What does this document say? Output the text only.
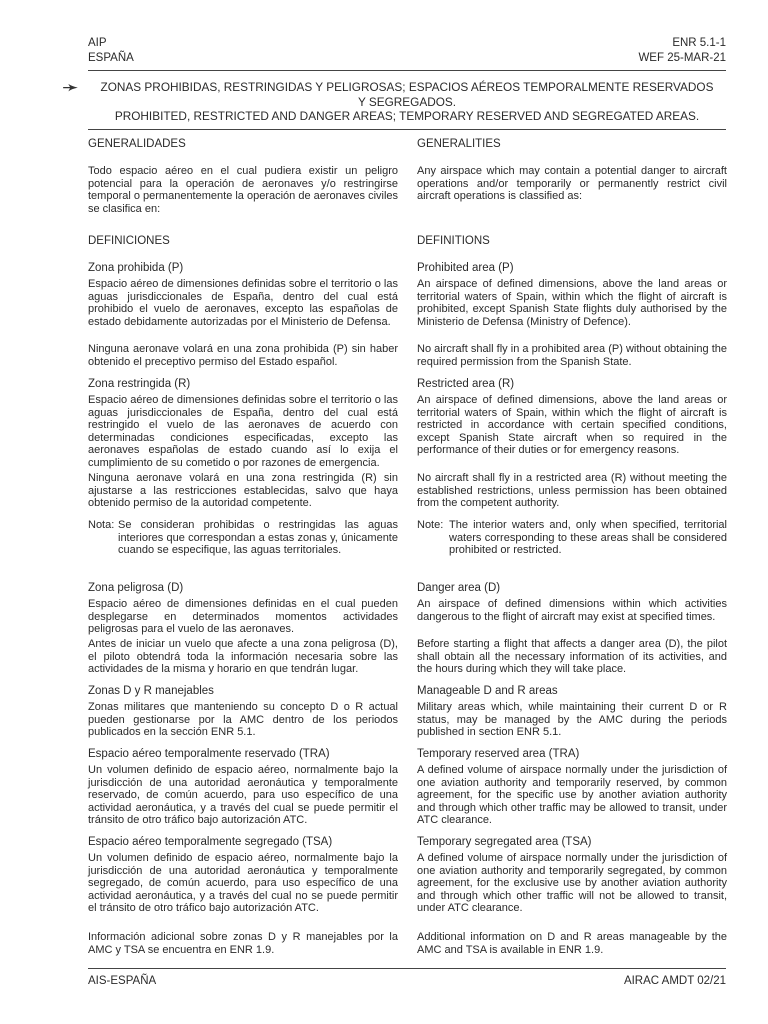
AIP
ESPAÑA
ENR 5.1-1
WEF 25-MAR-21
➛	ZONAS PROHIBIDAS, RESTRINGIDAS Y PELIGROSAS; ESPACIOS AÉREOS TEMPORALMENTE RESERVADOS
Y SEGREGADOS.
PROHIBITED, RESTRICTED AND DANGER AREAS; TEMPORARY RESERVED AND SEGREGATED AREAS.
GENERALIDADES

Todo espacio aéreo en el cual pudiera existir un peligro potencial para la operación de aeronaves y/o restringirse temporal o permanentemente la operación de aeronaves civiles se clasifica en:

DEFINICIONES
Zona prohibida (P)

Espacio aéreo de dimensiones definidas sobre el territorio o las aguas jurisdiccionales de España, dentro del cual está prohibido el vuelo de aeronaves, excepto las españolas de estado debidamente autorizadas por el Ministerio de Defensa.

Ninguna aeronave volará en una zona prohibida (P) sin haber obtenido el preceptivo permiso del Estado español.

Zona restringida (R)

Espacio aéreo de dimensiones definidas sobre el territorio o las aguas jurisdiccionales de España, dentro del cual está restringido el vuelo de las aeronaves de acuerdo con determinadas condiciones especificadas, excepto las aeronaves españolas de estado cuando así lo exija el cumplimiento de su cometido o por razones de emergencia.

Ninguna aeronave volará en una zona restringida (R) sin ajustarse a las restricciones establecidas, salvo que haya obtenido permiso de la autoridad competente.

Nota: Se consideran prohibidas o restringidas las aguas interiores que correspondan a estas zonas y, únicamente cuando se especifique, las aguas territoriales.
Zona peligrosa (D)

Espacio aéreo de dimensiones definidas en el cual pueden desplegarse en determinados momentos actividades peligrosas para el vuelo de las aeronaves.

Antes de iniciar un vuelo que afecte a una zona peligrosa (D), el piloto obtendrá toda la información necesaria sobre las actividades de la misma y horario en que tendrán lugar.

Zonas D y R manejables

Zonas militares que manteniendo su concepto D o R actual pueden gestionarse por la AMC dentro de los periodos publicados en la sección ENR 5.1.

Espacio aéreo temporalmente reservado (TRA)

Un volumen definido de espacio aéreo, normalmente bajo la jurisdicción de una autoridad aeronáutica y temporalmente reservado, de común acuerdo, para uso específico de una actividad aeronáutica, y a través del cual se puede permitir el tránsito de otro tráfico bajo autorización ATC.

Espacio aéreo temporalmente segregado (TSA)

Un volumen definido de espacio aéreo, normalmente bajo la jurisdicción de una autoridad aeronáutica y temporalmente segregado, de común acuerdo, para uso específico de una actividad aeronáutica, y a través del cual no se puede permitir el tránsito de otro tráfico bajo autorización ATC.

Información adicional sobre zonas D y R manejables por la AMC y TSA se encuentra en ENR 1.9.

GENERALITIES

Any airspace which may contain a potential danger to aircraft operations and/or temporarily or permanently restrict civil aircraft operations is classified as:

DEFINITIONS
Prohibited area (P)

An airspace of defined dimensions, above the land areas or territorial waters of Spain, within which the flight of aircraft is prohibited, except Spanish State flights duly authorised by the Ministerio de Defensa (Ministry of Defence).

No aircraft shall fly in a prohibited area (P) without obtaining the required permission from the Spanish State.

Restricted area (R)

An airspace of defined dimensions, above the land areas or territorial waters of Spain, within which the flight of aircraft is restricted in accordance with certain specified conditions, except Spanish State aircraft when so required in the performance of their duties or for emergency reasons.

No aircraft shall fly in a restricted area (R) without meeting the established restrictions, unless permission has been obtained from the competent authority.

Note: The interior waters and, only when specified, territorial waters corresponding to these areas shall be considered prohibited or restricted.
Danger area (D)

An airspace of defined dimensions within which activities dangerous to the flight of aircraft may exist at specified times.

Before starting a flight that affects a danger area (D), the pilot shall obtain all the necessary information of its activities, and the hours during which they will take place.

Manageable D and R areas

Military areas which, while maintaining their current D or R status, may be managed by the AMC during the periods published in section ENR 5.1.

Temporary reserved area (TRA)

A defined volume of airspace normally under the jurisdiction of one aviation authority and temporarily reserved, by common agreement, for the specific use by another aviation authority and through which other traffic may be allowed to transit, under ATC clearance.

Temporary segregated area (TSA)

A defined volume of airspace normally under the jurisdiction of one aviation authority and temporarily segregated, by common agreement, for the exclusive use by another aviation authority and through which other traffic will not be allowed to transit, under ATC clearance.

Additional information on D and R areas manageable by the AMC and TSA is available in ENR 1.9.

AIS-ESPAÑA	AIRAC AMDT 02/21
